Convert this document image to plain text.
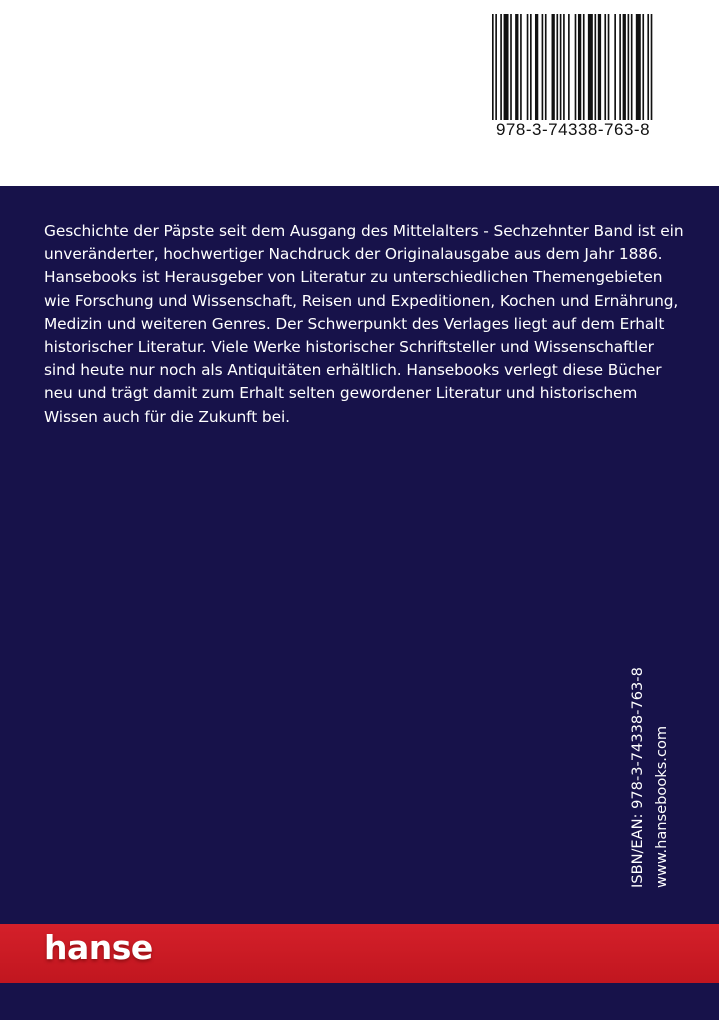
978-3-74338-763-8

Geschichte der Päpste seit dem Ausgang des Mittelalters - Sechzehnter Band ist ein unveränderter, hochwertiger Nachdruck der Originalausgabe aus dem Jahr 1886.

Hansebooks ist Herausgeber von Literatur zu unterschiedlichen Themengebieten wie Forschung und Wissenschaft, Reisen und Expeditionen, Kochen und Ernährung, Medizin und weiteren Genres. Der Schwerpunkt des Verlages liegt auf dem Erhalt historischer Literatur. Viele Werke historischer Schriftsteller und Wissenschaftler sind heute nur noch als Antiquitäten erhältlich. Hansebooks verlegt diese Bücher neu und trägt damit zum Erhalt selten gewordener Literatur und historischem Wissen auch für die Zukunft bei.

ISBN/EAN: 978-3-74338-763-8 www.hansebooks.com
hanse
